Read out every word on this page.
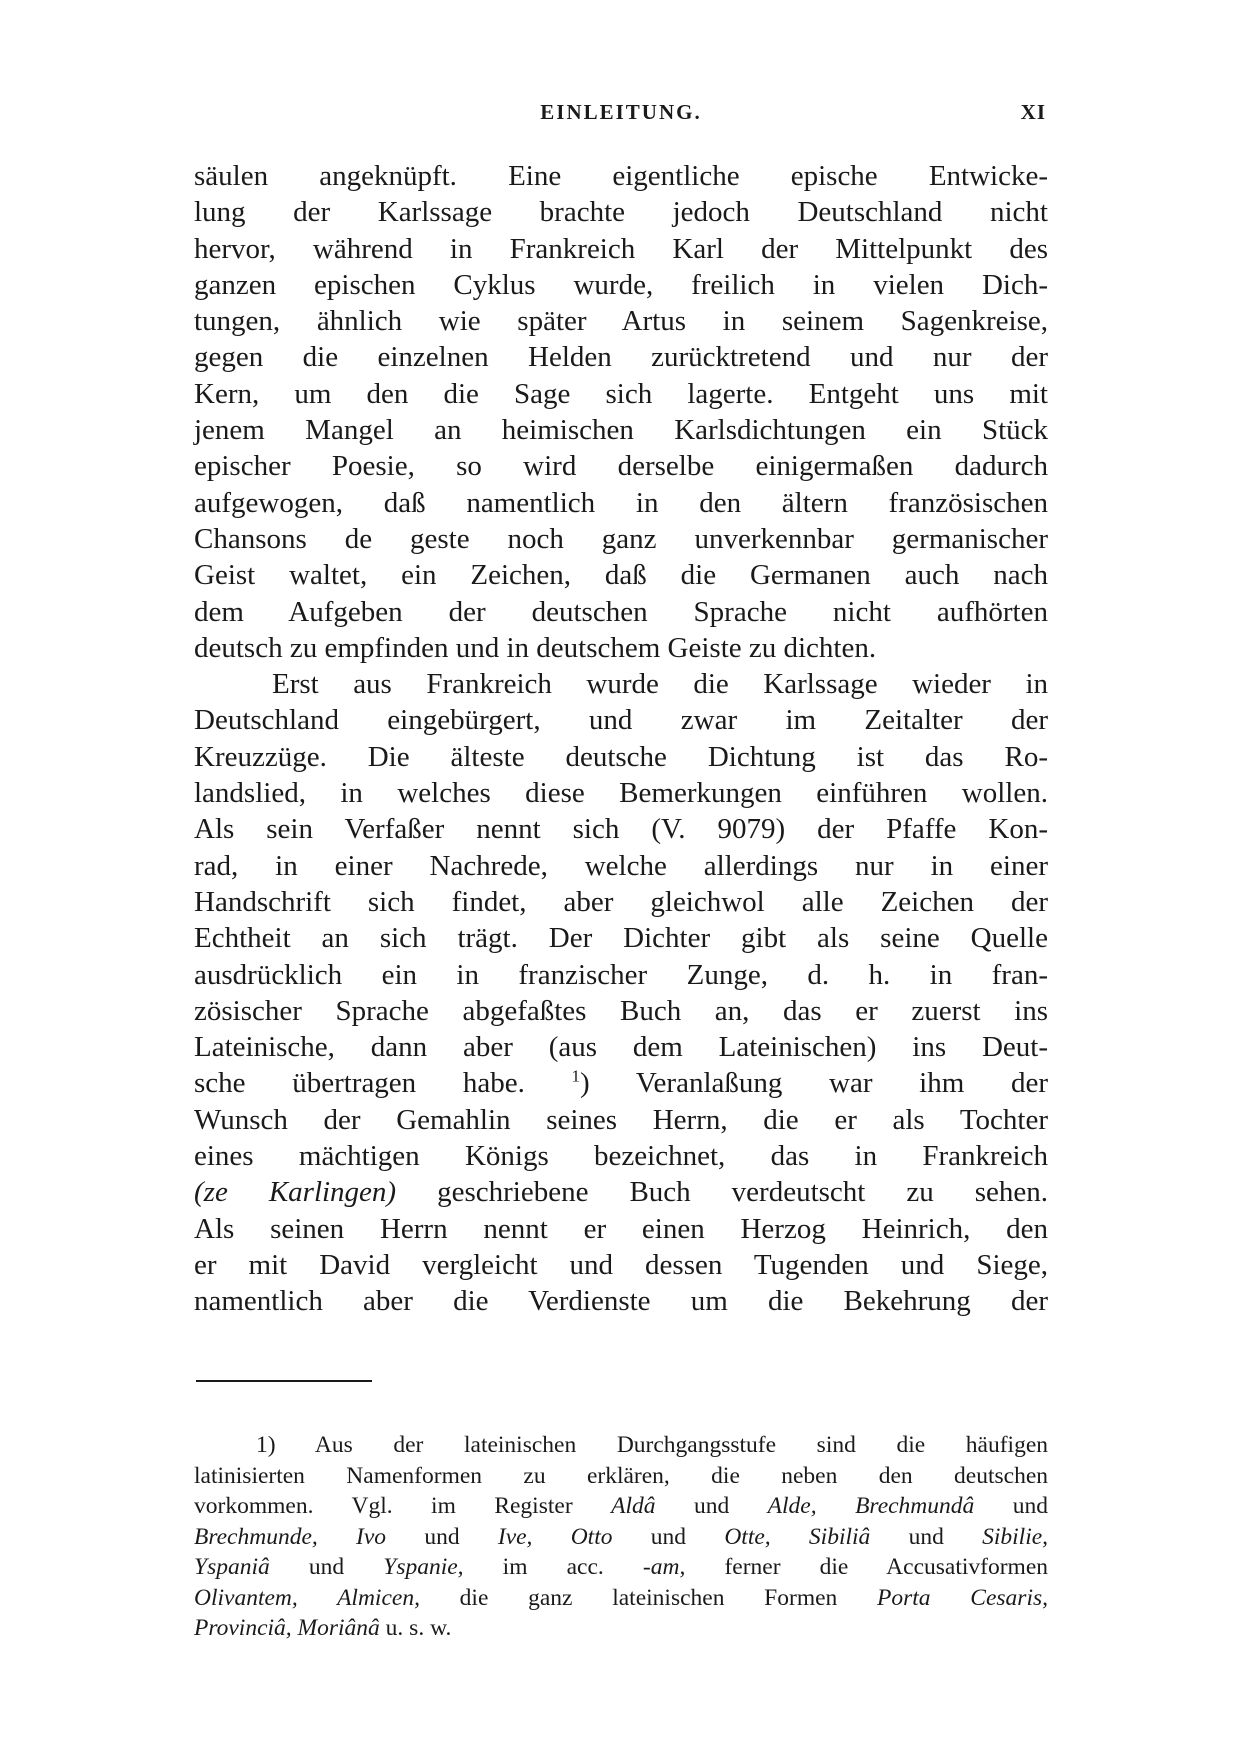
EINLEITUNG.	XI
säulen angeknüpft. Eine eigentliche epische Entwicke-
lung der Karlssage brachte jedoch Deutschland nicht
hervor, während in Frankreich Karl der Mittelpunkt des
ganzen epischen Cyklus wurde, freilich in vielen Dich-
tungen, ähnlich wie später Artus in seinem Sagenkreise,
gegen die einzelnen Helden zurücktretend und nur der
Kern, um den die Sage sich lagerte. Entgeht uns mit
jenem Mangel an heimischen Karlsdichtungen ein Stück
epischer Poesie, so wird derselbe einigermaßen dadurch
aufgewogen, daß namentlich in den ältern französischen
Chansons de geste noch ganz unverkennbar germanischer
Geist waltet, ein Zeichen, daß die Germanen auch nach
dem Aufgeben der deutschen Sprache nicht aufhörten
deutsch zu empfinden und in deutschem Geiste zu dichten.
Erst aus Frankreich wurde die Karlssage wieder in
Deutschland eingebürgert, und zwar im Zeitalter der
Kreuzzüge. Die älteste deutsche Dichtung ist das Ro-
landslied, in welches diese Bemerkungen einführen wollen.
Als sein Verfaßer nennt sich (V. 9079) der Pfaffe Kon-
rad, in einer Nachrede, welche allerdings nur in einer
Handschrift sich findet, aber gleichwol alle Zeichen der
Echtheit an sich trägt. Der Dichter gibt als seine Quelle
ausdrücklich ein in franzischer Zunge, d. h. in fran-
zösischer Sprache abgefaßtes Buch an, das er zuerst ins
Lateinische, dann aber (aus dem Lateinischen) ins Deut-
sche übertragen habe.	$^1$) Veranlaßung war ihm der
Wunsch der Gemahlin seines Herrn, die er als Tochter
eines mächtigen Königs bezeichnet, das in Frankreich
(ze Karlingen) geschriebene Buch verdeutscht zu sehen.
Als seinen Herrn nennt er einen Herzog Heinrich, den
er mit David vergleicht und dessen Tugenden und Siege,
namentlich aber die Verdienste um die Bekehrung der
1) Aus der lateinischen Durchgangsstufe sind die häufigen
latinisierten Namenformen zu erklären, die neben den deutschen
vorkommen. Vgl. im Register Aldâ und Alde, Brechmundâ und
Brechmunde, Ivo und Ive, Otto und Otte, Sibiliâ und Sibilie,
Yspaniâ und Yspanie, im acc. -am, ferner die Accusativformen
Olivantem, Almicen, die ganz lateinischen Formen Porta Cesaris,
Provinciâ, Moriânâ u. s. w.
